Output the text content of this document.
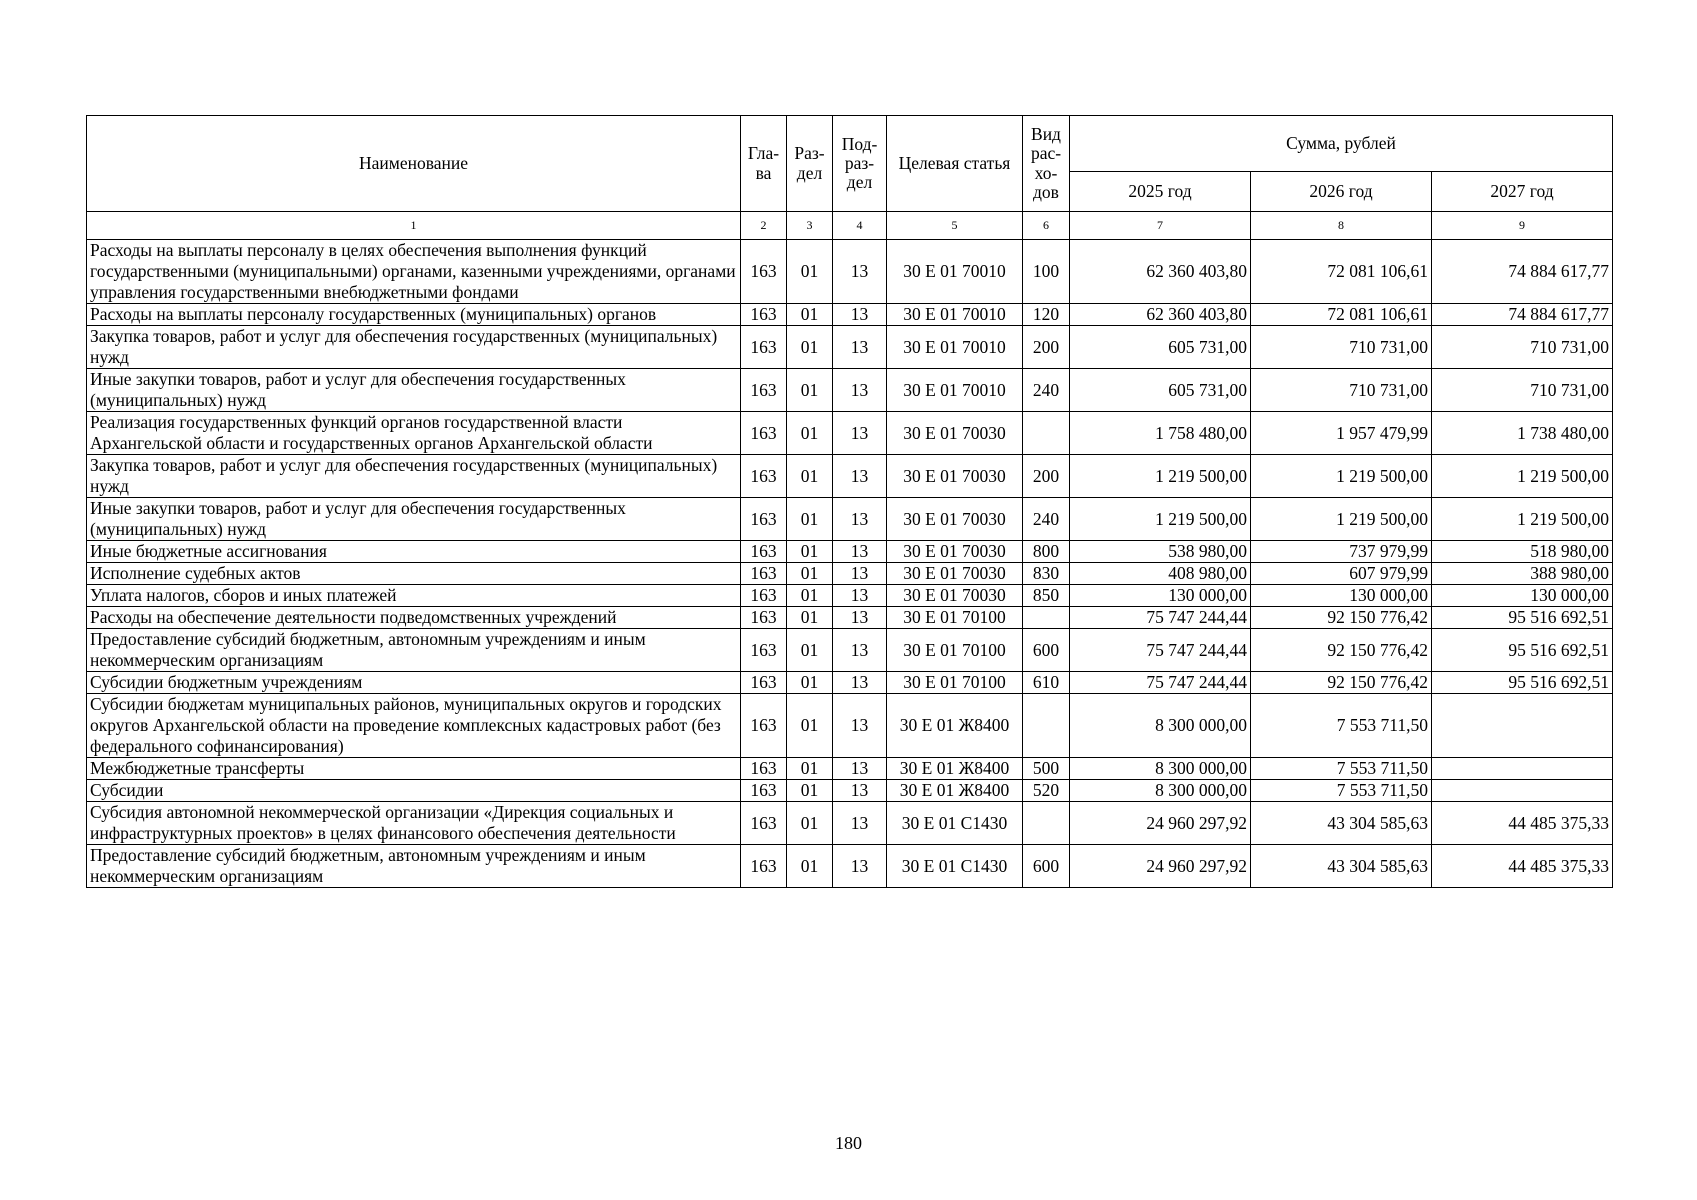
Наименование	Гла-ва	Раз-дел	Под-раз-дел	Целевая статья	Вид рас-хо-дов	Сумма, рублей		
						2025 год	2026 год	2027 год
1	2	3	4	5	6	7	8	9
Расходы на выплаты персоналу в целях обеспечения выполнения функций государственными (муниципальными) органами, казенными учреждениями, органами управления государственными внебюджетными фондами	163	01	13	30 Е 01 70010	100	62 360 403,80	72 081 106,61	74 884 617,77
Расходы на выплаты персоналу государственных (муниципальных) органов	163	01	13	30 Е 01 70010	120	62 360 403,80	72 081 106,61	74 884 617,77
Закупка товаров, работ и услуг для обеспечения государственных (муниципальных) нужд	163	01	13	30 Е 01 70010	200	605 731,00	710 731,00	710 731,00
Иные закупки товаров, работ и услуг для обеспечения государственных (муниципальных) нужд	163	01	13	30 Е 01 70010	240	605 731,00	710 731,00	710 731,00
Реализация государственных функций органов государственной власти Архангельской области и государственных органов Архангельской области	163	01	13	30 Е 01 70030		1 758 480,00	1 957 479,99	1 738 480,00
Закупка товаров, работ и услуг для обеспечения государственных (муниципальных) нужд	163	01	13	30 Е 01 70030	200	1 219 500,00	1 219 500,00	1 219 500,00
Иные закупки товаров, работ и услуг для обеспечения государственных (муниципальных) нужд	163	01	13	30 Е 01 70030	240	1 219 500,00	1 219 500,00	1 219 500,00
Иные бюджетные ассигнования	163	01	13	30 Е 01 70030	800	538 980,00	737 979,99	518 980,00
Исполнение судебных актов	163	01	13	30 Е 01 70030	830	408 980,00	607 979,99	388 980,00
Уплата налогов, сборов и иных платежей	163	01	13	30 Е 01 70030	850	130 000,00	130 000,00	130 000,00
Расходы на обеспечение деятельности подведомственных учреждений	163	01	13	30 Е 01 70100		75 747 244,44	92 150 776,42	95 516 692,51
Предоставление субсидий бюджетным, автономным учреждениям и иным некоммерческим организациям	163	01	13	30 Е 01 70100	600	75 747 244,44	92 150 776,42	95 516 692,51
Субсидии бюджетным учреждениям	163	01	13	30 Е 01 70100	610	75 747 244,44	92 150 776,42	95 516 692,51
Субсидии бюджетам муниципальных районов, муниципальных округов и городских округов Архангельской области на проведение комплексных кадастровых работ (без федерального софинансирования)	163	01	13	30 Е 01 Ж8400		8 300 000,00	7 553 711,50	
Межбюджетные трансферты	163	01	13	30 Е 01 Ж8400	500	8 300 000,00	7 553 711,50	
Субсидии	163	01	13	30 Е 01 Ж8400	520	8 300 000,00	7 553 711,50	
Субсидия автономной некоммерческой организации «Дирекция социальных и инфраструктурных проектов» в целях финансового обеспечения деятельности	163	01	13	30 Е 01 С1430		24 960 297,92	43 304 585,63	44 485 375,33
Предоставление субсидий бюджетным, автономным учреждениям и иным некоммерческим организациям	163	01	13	30 Е 01 С1430	600	24 960 297,92	43 304 585,63	44 485 375,33
180
